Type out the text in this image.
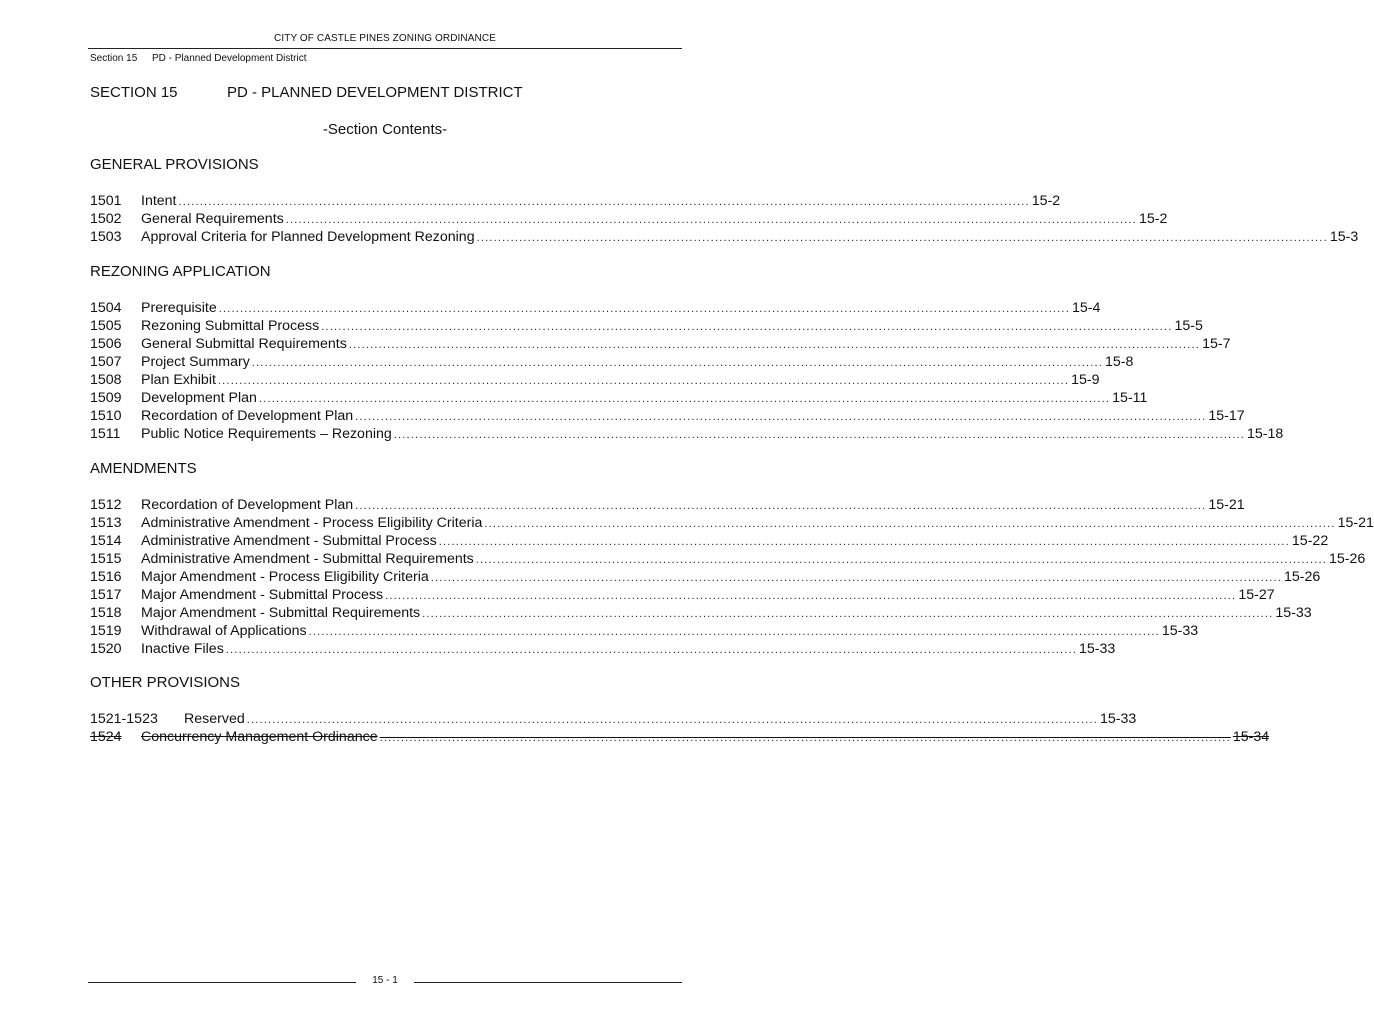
CITY OF CASTLE PINES ZONING ORDINANCE
Section 15 PD - Planned Development District
SECTION 15	PD - PLANNED DEVELOPMENT DISTRICT
-Section Contents-
GENERAL PROVISIONS
1501	Intent ........................................................................................................................................................................................................ 15-2
1502	General Requirements ........................................................................................................................................................................................................ 15-2
1503	Approval Criteria for Planned Development Rezoning ........................................................................................................................................................................................................ 15-3
REZONING APPLICATION
1504	Prerequisite ........................................................................................................................................................................................................ 15-4
1505	Rezoning Submittal Process ........................................................................................................................................................................................................ 15-5
1506	General Submittal Requirements ........................................................................................................................................................................................................ 15-7
1507	Project Summary ........................................................................................................................................................................................................ 15-8
1508	Plan Exhibit ........................................................................................................................................................................................................ 15-9
1509	Development Plan ........................................................................................................................................................................................................ 15-11
1510	Recordation of Development Plan ........................................................................................................................................................................................................ 15-17
1511	Public Notice Requirements – Rezoning ........................................................................................................................................................................................................ 15-18
AMENDMENTS
1512	Recordation of Development Plan ........................................................................................................................................................................................................ 15-21
1513	Administrative Amendment - Process Eligibility Criteria ........................................................................................................................................................................................................ 15-21
1514	Administrative Amendment - Submittal Process ........................................................................................................................................................................................................ 15-22
1515	Administrative Amendment - Submittal Requirements ........................................................................................................................................................................................................ 15-26
1516	Major Amendment - Process Eligibility Criteria ........................................................................................................................................................................................................ 15-26
1517	Major Amendment - Submittal Process ........................................................................................................................................................................................................ 15-27
1518	Major Amendment - Submittal Requirements ........................................................................................................................................................................................................ 15-33
1519	Withdrawal of Applications ........................................................................................................................................................................................................ 15-33
1520	Inactive Files ........................................................................................................................................................................................................ 15-33
OTHER PROVISIONS
1521-1523	Reserved ........................................................................................................................................................................................................ 15-33
1524	Concurrency Management Ordinance ........................................................................................................................................................................................................ 15-34
15 - 1
